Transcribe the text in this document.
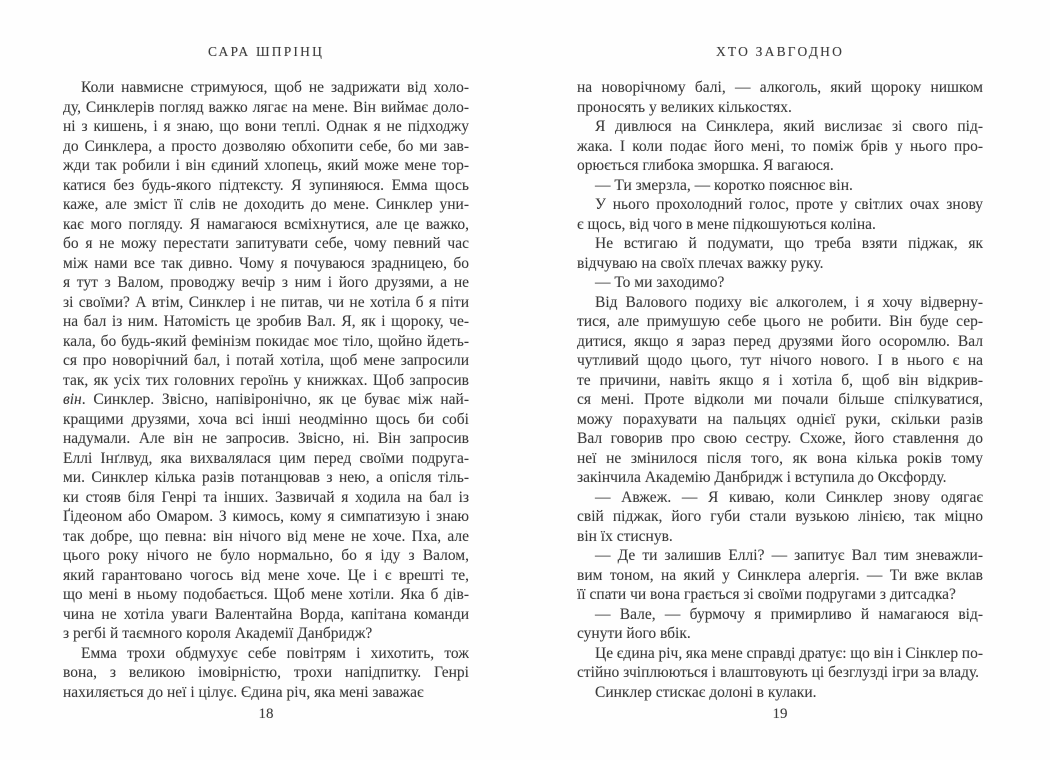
САРА ШПРІНЦ
Коли навмисне стримуюся, щоб не задрижати від холо-
ду, Синклерів погляд важко лягає на мене. Він виймає доло-
ні з кишень, і я знаю, що вони теплі. Однак я не підходжу
до Синклера, а просто дозволяю обхопити себе, бо ми зав-
жди так робили і він єдиний хлопець, який може мене тор-
катися без будь-якого підтексту. Я зупиняюся. Емма щось
каже, але зміст її слів не доходить до мене. Синклер уни-
кає мого погляду. Я намагаюся всміхнутися, але це важко,
бо я не можу перестати запитувати себе, чому певний час
між нами все так дивно. Чому я почуваюся зрадницею, бо
я тут з Валом, проводжу вечір з ним і його друзями, а не
зі своїми? А втім, Синклер і не питав, чи не хотіла б я піти
на бал із ним. Натомість це зробив Вал. Я, як і щороку, че-
кала, бо будь-який фемінізм покидає моє тіло, щойно йдеть-
ся про новорічний бал, і потай хотіла, щоб мене запросили
так, як усіх тих головних героїнь у книжках. Щоб запросив
він. Синклер. Звісно, напівіронічно, як це буває між най-
кращими друзями, хоча всі інші неодмінно щось би собі
надумали. Але він не запросив. Звісно, ні. Він запросив
Еллі Інґлвуд, яка вихвалялася цим перед своїми подруга-
ми. Синклер кілька разів потанцював з нею, а опісля тіль-
ки стояв біля Генрі та інших. Зазвичай я ходила на бал із
Ґідеоном або Омаром. З кимось, кому я симпатизую і знаю
так добре, що певна: він нічого від мене не хоче. Пха, але
цього року нічого не було нормально, бо я іду з Валом,
який гарантовано чогось від мене хоче. Це і є врешті те,
що мені в ньому подобається. Щоб мене хотіли. Яка б дів-
чина не хотіла уваги Валентайна Ворда, капітана команди
з регбі й таємного короля Академії Данбридж?
Емма трохи обдмухує себе повітрям і хихотить, тож
вона, з великою імовірністю, трохи напідпитку. Генрі
нахиляється до неї і цілує. Єдина річ, яка мені заважає
18
ХТО ЗАВГОДНО
на новорічному балі, — алкоголь, який щороку нишком
проносять у великих кількостях.
Я дивлюся на Синклера, який вислизає зі свого під-
жака. І коли подає його мені, то поміж брів у нього про-
орюється глибока зморшка. Я вагаюся.
— Ти змерзла, — коротко пояснює він.
У нього прохолодний голос, проте у світлих очах знову
є щось, від чого в мене підкошуються коліна.
Не встигаю й подумати, що треба взяти піджак, як
відчуваю на своїх плечах важку руку.
— То ми заходимо?
Від Валового подиху віє алкоголем, і я хочу відверну-
тися, але примушую себе цього не робити. Він буде сер-
дитися, якщо я зараз перед друзями його осоромлю. Вал
чутливий щодо цього, тут нічого нового. І в нього є на
те причини, навіть якщо я і хотіла б, щоб він відкрив-
ся мені. Проте відколи ми почали більше спілкуватися,
можу порахувати на пальцях однієї руки, скільки разів
Вал говорив про свою сестру. Схоже, його ставлення до
неї не змінилося після того, як вона кілька років тому
закінчила Академію Данбридж і вступила до Оксфорду.
— Авжеж. — Я киваю, коли Синклер знову одягає
свій піджак, його губи стали вузькою лінією, так міцно
він їх стиснув.
— Де ти залишив Еллі? — запитує Вал тим зневажли-
вим тоном, на який у Синклера алергія. — Ти вже вклав
її спати чи вона грається зі своїми подругами з дитсадка?
— Вале, — бурмочу я примирливо й намагаюся від-
сунути його вбік.
Це єдина річ, яка мене справді дратує: що він і Сінклер по-
стійно зчіплюються і влаштовують ці безглузді ігри за владу.
Синклер стискає долоні в кулаки.
19
